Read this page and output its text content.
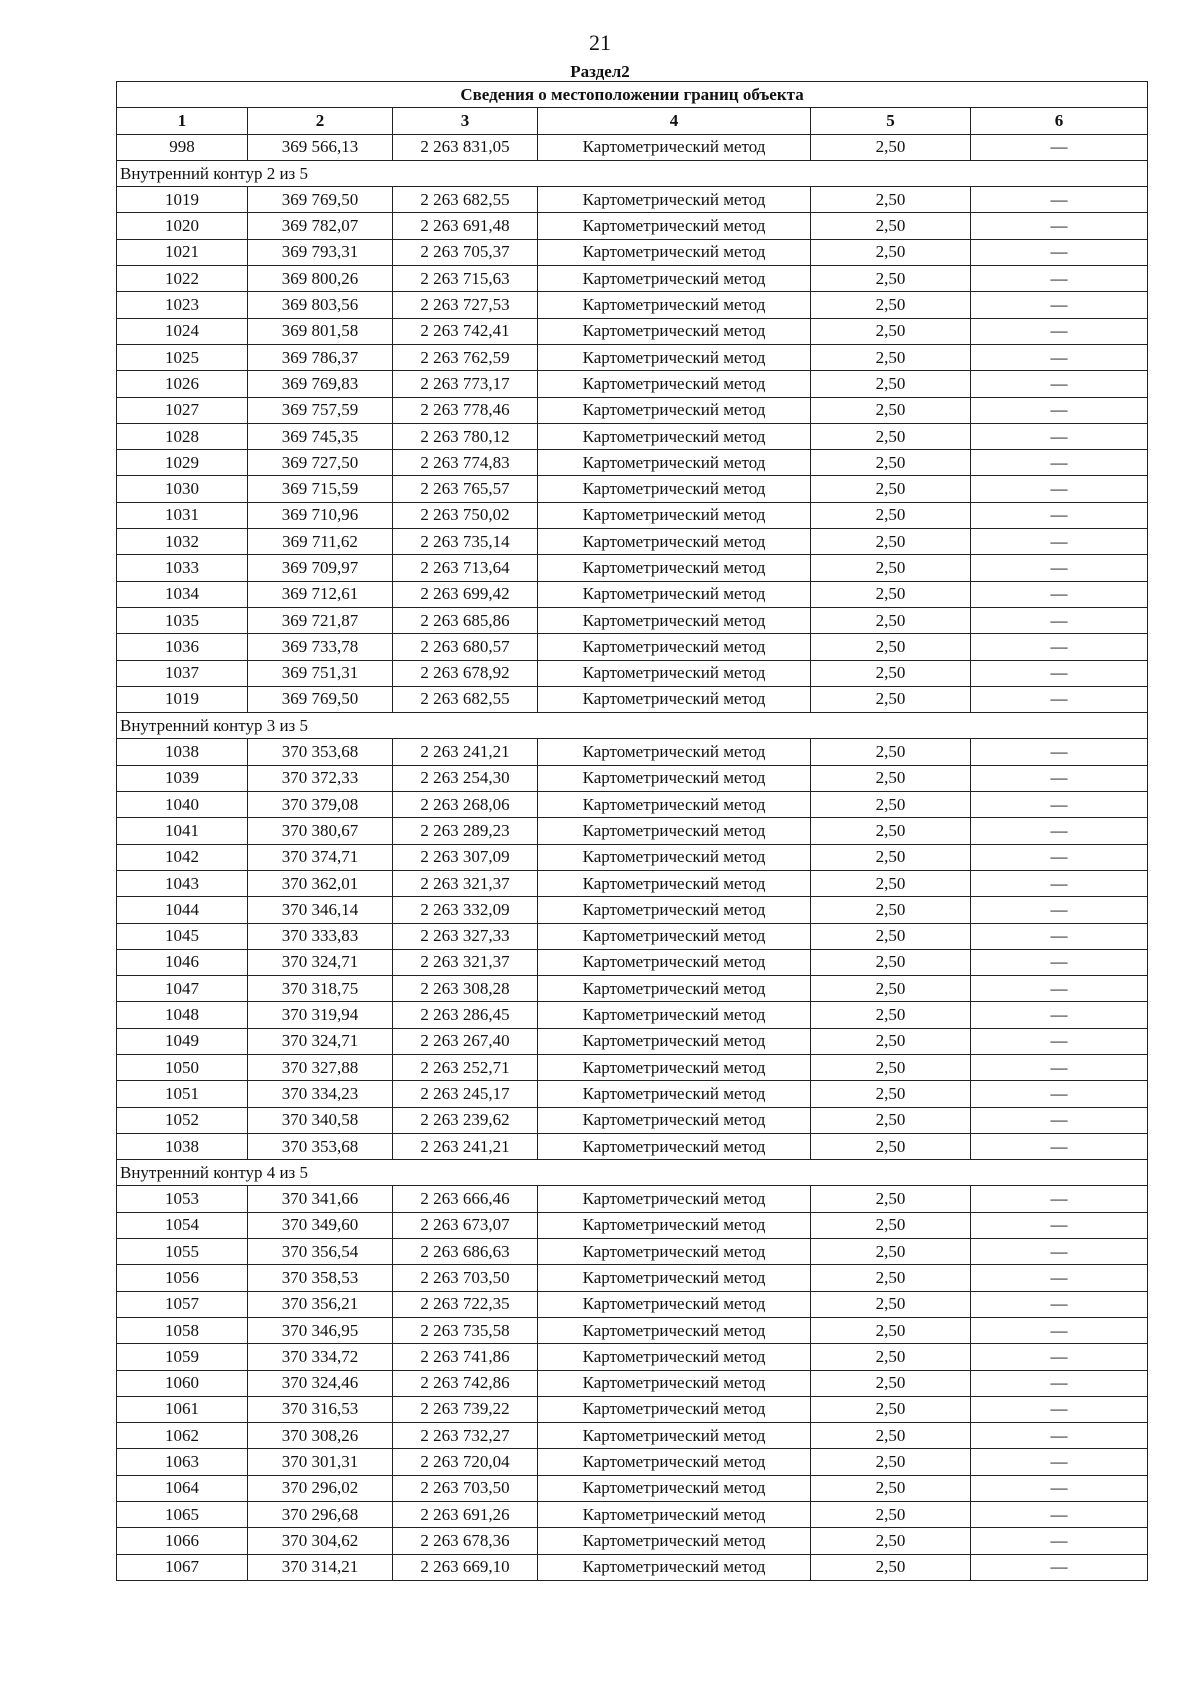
21
Раздел2
Сведения о местоположении границ объекта					
1	2	3	4	5	6
998	369 566,13	2 263 831,05	Картометрический метод	2,50	—
Внутренний контур 2 из 5					
1019	369 769,50	2 263 682,55	Картометрический метод	2,50	—
1020	369 782,07	2 263 691,48	Картометрический метод	2,50	—
1021	369 793,31	2 263 705,37	Картометрический метод	2,50	—
1022	369 800,26	2 263 715,63	Картометрический метод	2,50	—
1023	369 803,56	2 263 727,53	Картометрический метод	2,50	—
1024	369 801,58	2 263 742,41	Картометрический метод	2,50	—
1025	369 786,37	2 263 762,59	Картометрический метод	2,50	—
1026	369 769,83	2 263 773,17	Картометрический метод	2,50	—
1027	369 757,59	2 263 778,46	Картометрический метод	2,50	—
1028	369 745,35	2 263 780,12	Картометрический метод	2,50	—
1029	369 727,50	2 263 774,83	Картометрический метод	2,50	—
1030	369 715,59	2 263 765,57	Картометрический метод	2,50	—
1031	369 710,96	2 263 750,02	Картометрический метод	2,50	—
1032	369 711,62	2 263 735,14	Картометрический метод	2,50	—
1033	369 709,97	2 263 713,64	Картометрический метод	2,50	—
1034	369 712,61	2 263 699,42	Картометрический метод	2,50	—
1035	369 721,87	2 263 685,86	Картометрический метод	2,50	—
1036	369 733,78	2 263 680,57	Картометрический метод	2,50	—
1037	369 751,31	2 263 678,92	Картометрический метод	2,50	—
1019	369 769,50	2 263 682,55	Картометрический метод	2,50	—
Внутренний контур 3 из 5					
1038	370 353,68	2 263 241,21	Картометрический метод	2,50	—
1039	370 372,33	2 263 254,30	Картометрический метод	2,50	—
1040	370 379,08	2 263 268,06	Картометрический метод	2,50	—
1041	370 380,67	2 263 289,23	Картометрический метод	2,50	—
1042	370 374,71	2 263 307,09	Картометрический метод	2,50	—
1043	370 362,01	2 263 321,37	Картометрический метод	2,50	—
1044	370 346,14	2 263 332,09	Картометрический метод	2,50	—
1045	370 333,83	2 263 327,33	Картометрический метод	2,50	—
1046	370 324,71	2 263 321,37	Картометрический метод	2,50	—
1047	370 318,75	2 263 308,28	Картометрический метод	2,50	—
1048	370 319,94	2 263 286,45	Картометрический метод	2,50	—
1049	370 324,71	2 263 267,40	Картометрический метод	2,50	—
1050	370 327,88	2 263 252,71	Картометрический метод	2,50	—
1051	370 334,23	2 263 245,17	Картометрический метод	2,50	—
1052	370 340,58	2 263 239,62	Картометрический метод	2,50	—
1038	370 353,68	2 263 241,21	Картометрический метод	2,50	—
Внутренний контур 4 из 5					
1053	370 341,66	2 263 666,46	Картометрический метод	2,50	—
1054	370 349,60	2 263 673,07	Картометрический метод	2,50	—
1055	370 356,54	2 263 686,63	Картометрический метод	2,50	—
1056	370 358,53	2 263 703,50	Картометрический метод	2,50	—
1057	370 356,21	2 263 722,35	Картометрический метод	2,50	—
1058	370 346,95	2 263 735,58	Картометрический метод	2,50	—
1059	370 334,72	2 263 741,86	Картометрический метод	2,50	—
1060	370 324,46	2 263 742,86	Картометрический метод	2,50	—
1061	370 316,53	2 263 739,22	Картометрический метод	2,50	—
1062	370 308,26	2 263 732,27	Картометрический метод	2,50	—
1063	370 301,31	2 263 720,04	Картометрический метод	2,50	—
1064	370 296,02	2 263 703,50	Картометрический метод	2,50	—
1065	370 296,68	2 263 691,26	Картометрический метод	2,50	—
1066	370 304,62	2 263 678,36	Картометрический метод	2,50	—
1067	370 314,21	2 263 669,10	Картометрический метод	2,50	—
